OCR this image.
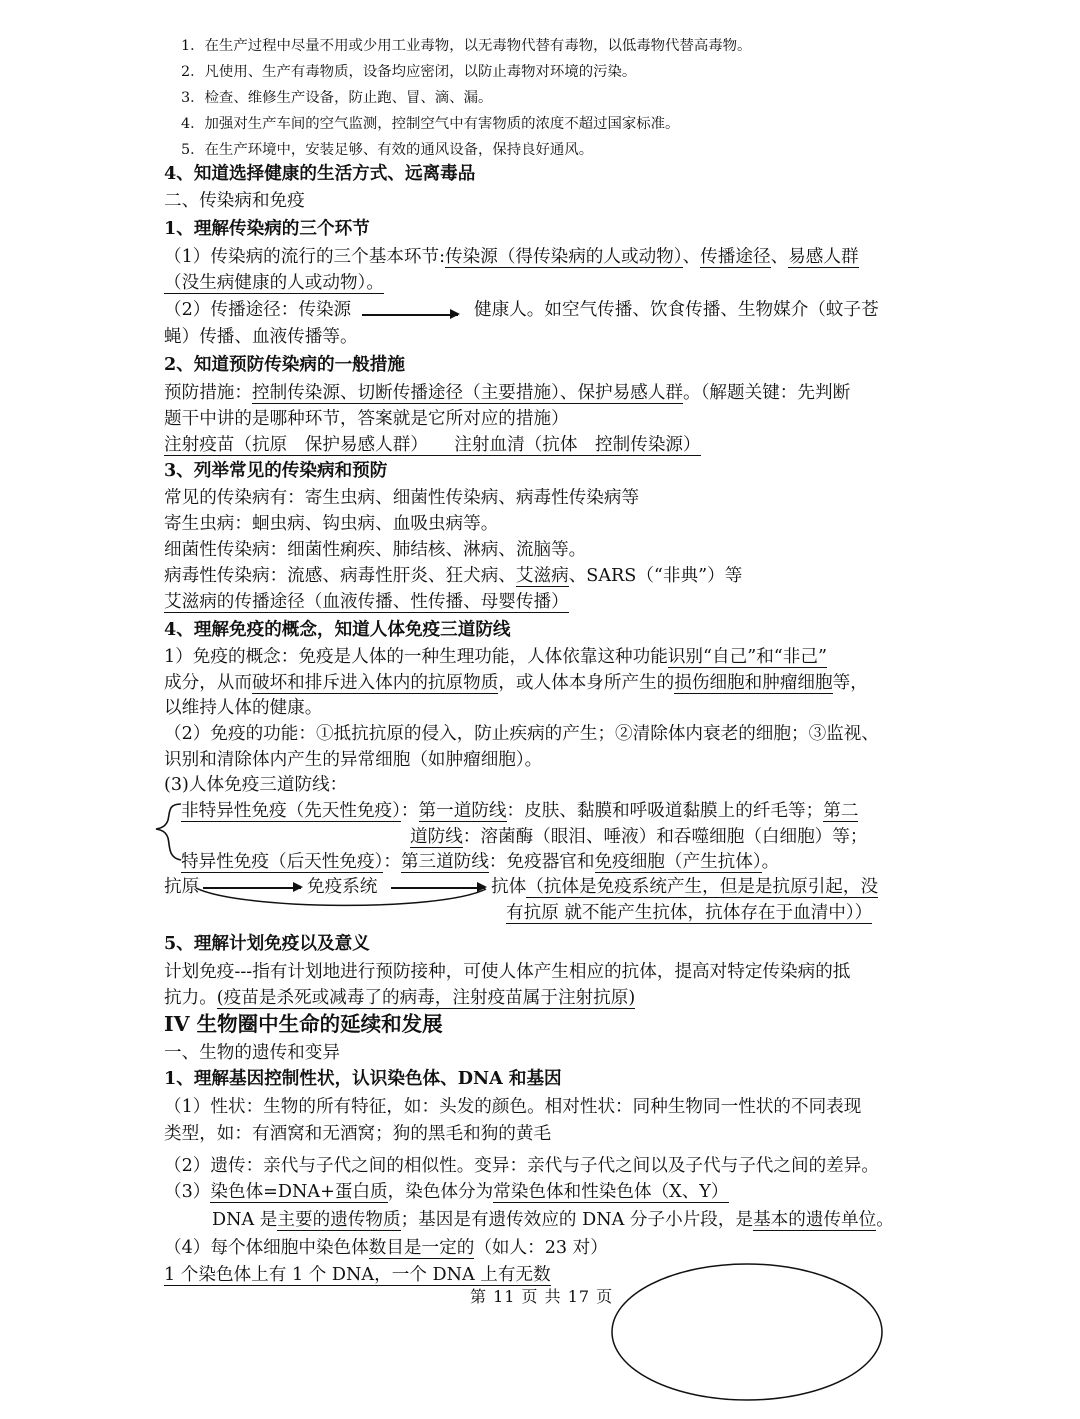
1．在生产过程中尽量不用或少用工业毒物，以无毒物代替有毒物，以低毒物代替高毒物。
2．凡使用、生产有毒物质，设备均应密闭，以防止毒物对环境的污染。
3．检查、维修生产设备，防止跑、冒、滴、漏。
4．加强对生产车间的空气监测，控制空气中有害物质的浓度不超过国家标准。
5．在生产环境中，安装足够、有效的通风设备，保持良好通风。
4、知道选择健康的生活方式、远离毒品
二、传染病和免疫
1、理解传染病的三个环节
（1）传染病的流行的三个基本环节:传染源（得传染病的人或动物）、传播途径、易感人群
（没生病健康的人或动物）。
（2）传播途径：传染源	健康人。如空气传播、饮食传播、生物媒介（蚊子苍
蝇）传播、血液传播等。
2、知道预防传染病的一般措施
预防措施：控制传染源、切断传播途径（主要措施）、保护易感人群。（解题关键：先判断
题干中讲的是哪种环节，答案就是它所对应的措施）
注射疫苗（抗原　保护易感人群）　　注射血清（抗体　控制传染源）
3、列举常见的传染病和预防
常见的传染病有：寄生虫病、细菌性传染病、病毒性传染病等
寄生虫病：蛔虫病、钩虫病、血吸虫病等。
细菌性传染病：细菌性痢疾、肺结核、淋病、流脑等。
病毒性传染病：流感、病毒性肝炎、狂犬病、艾滋病、SARS（“非典”）等
艾滋病的传播途径（血液传播、性传播、母婴传播）
4、理解免疫的概念，知道人体免疫三道防线
1）免疫的概念：免疫是人体的一种生理功能，人体依靠这种功能识别“自己”和“非己”
成分，从而破坏和排斥进入体内的抗原物质，或人体本身所产生的损伤细胞和肿瘤细胞等，
以维持人体的健康。
（2）免疫的功能：①抵抗抗原的侵入，防止疾病的产生；②清除体内衰老的细胞；③监视、
识别和清除体内产生的异常细胞（如肿瘤细胞）。
(3)人体免疫三道防线：
非特异性免疫（先天性免疫）：第一道防线：皮肤、黏膜和呼吸道黏膜上的纤毛等；第二
道防线：溶菌酶（眼泪、唾液）和吞噬细胞（白细胞）等；
特异性免疫（后天性免疫）：第三道防线：免疫器官和免疫细胞（产生抗体）。
抗原	免疫系统	抗体（抗体是免疫系统产生，但是是抗原引起，没
有抗原 就不能产生抗体，抗体存在于血清中））
5、理解计划免疫以及意义
计划免疫---指有计划地进行预防接种，可使人体产生相应的抗体，提高对特定传染病的抵
抗力。(疫苗是杀死或减毒了的病毒，注射疫苗属于注射抗原)
IV 生物圈中生命的延续和发展
一、生物的遗传和变异
1、理解基因控制性状，认识染色体、DNA 和基因
（1）性状：生物的所有特征，如：头发的颜色。相对性状：同种生物同一性状的不同表现
类型，如：有酒窝和无酒窝；狗的黑毛和狗的黄毛
（2）遗传：亲代与子代之间的相似性。变异：亲代与子代之间以及子代与子代之间的差异。
（3）染色体=DNA+蛋白质，染色体分为常染色体和性染色体（X、Y）
DNA 是主要的遗传物质；基因是有遗传效应的 DNA 分子小片段，是基本的遗传单位。
（4）每个体细胞中染色体数目是一定的（如人：23 对）
1 个染色体上有 1 个 DNA，一个 DNA 上有无数
第 11 页 共 17 页
